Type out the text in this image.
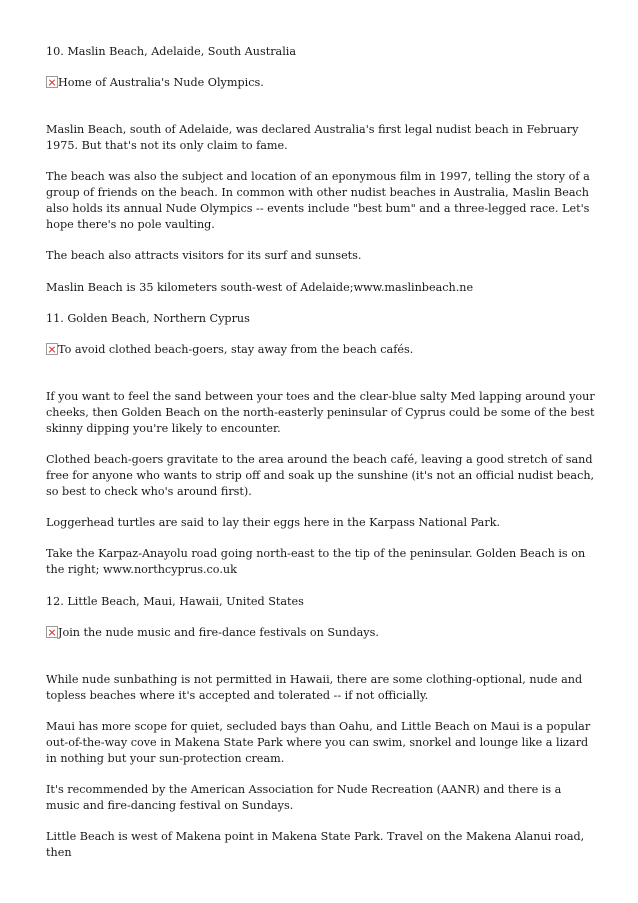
10. Maslin Beach, Adelaide, South Australia

Home of Australia's Nude Olympics.

Maslin Beach, south of Adelaide, was declared Australia's first legal nudist beach in February 1975. But that's not its only claim to fame.

The beach was also the subject and location of an eponymous film in 1997, telling the story of a group of friends on the beach. In common with other nudist beaches in Australia, Maslin Beach also holds its annual Nude Olympics -- events include "best bum" and a three-legged race. Let's hope there's no pole vaulting.

The beach also attracts visitors for its surf and sunsets.

Maslin Beach is 35 kilometers south-west of Adelaide;www.maslinbeach.ne

11. Golden Beach, Northern Cyprus

To avoid clothed beach-goers, stay away from the beach cafés.

If you want to feel the sand between your toes and the clear-blue salty Med lapping around your cheeks, then Golden Beach on the north-easterly peninsular of Cyprus could be some of the best skinny dipping you're likely to encounter.

Clothed beach-goers gravitate to the area around the beach café, leaving a good stretch of sand free for anyone who wants to strip off and soak up the sunshine (it's not an official nudist beach, so best to check who's around first).

Loggerhead turtles are said to lay their eggs here in the Karpass National Park.

Take the Karpaz-Anayolu road going north-east to the tip of the peninsular. Golden Beach is on the right; www.northcyprus.co.uk

12. Little Beach, Maui, Hawaii, United States

Join the nude music and fire-dance festivals on Sundays.

While nude sunbathing is not permitted in Hawaii, there are some clothing-optional, nude and topless beaches where it's accepted and tolerated -- if not officially.

Maui has more scope for quiet, secluded bays than Oahu, and Little Beach on Maui is a popular out-of-the-way cove in Makena State Park where you can swim, snorkel and lounge like a lizard in nothing but your sun-protection cream.

It's recommended by the American Association for Nude Recreation (AANR) and there is a music and fire-dancing festival on Sundays.

Little Beach is west of Makena point in Makena State Park. Travel on the Makena Alanui road, then
